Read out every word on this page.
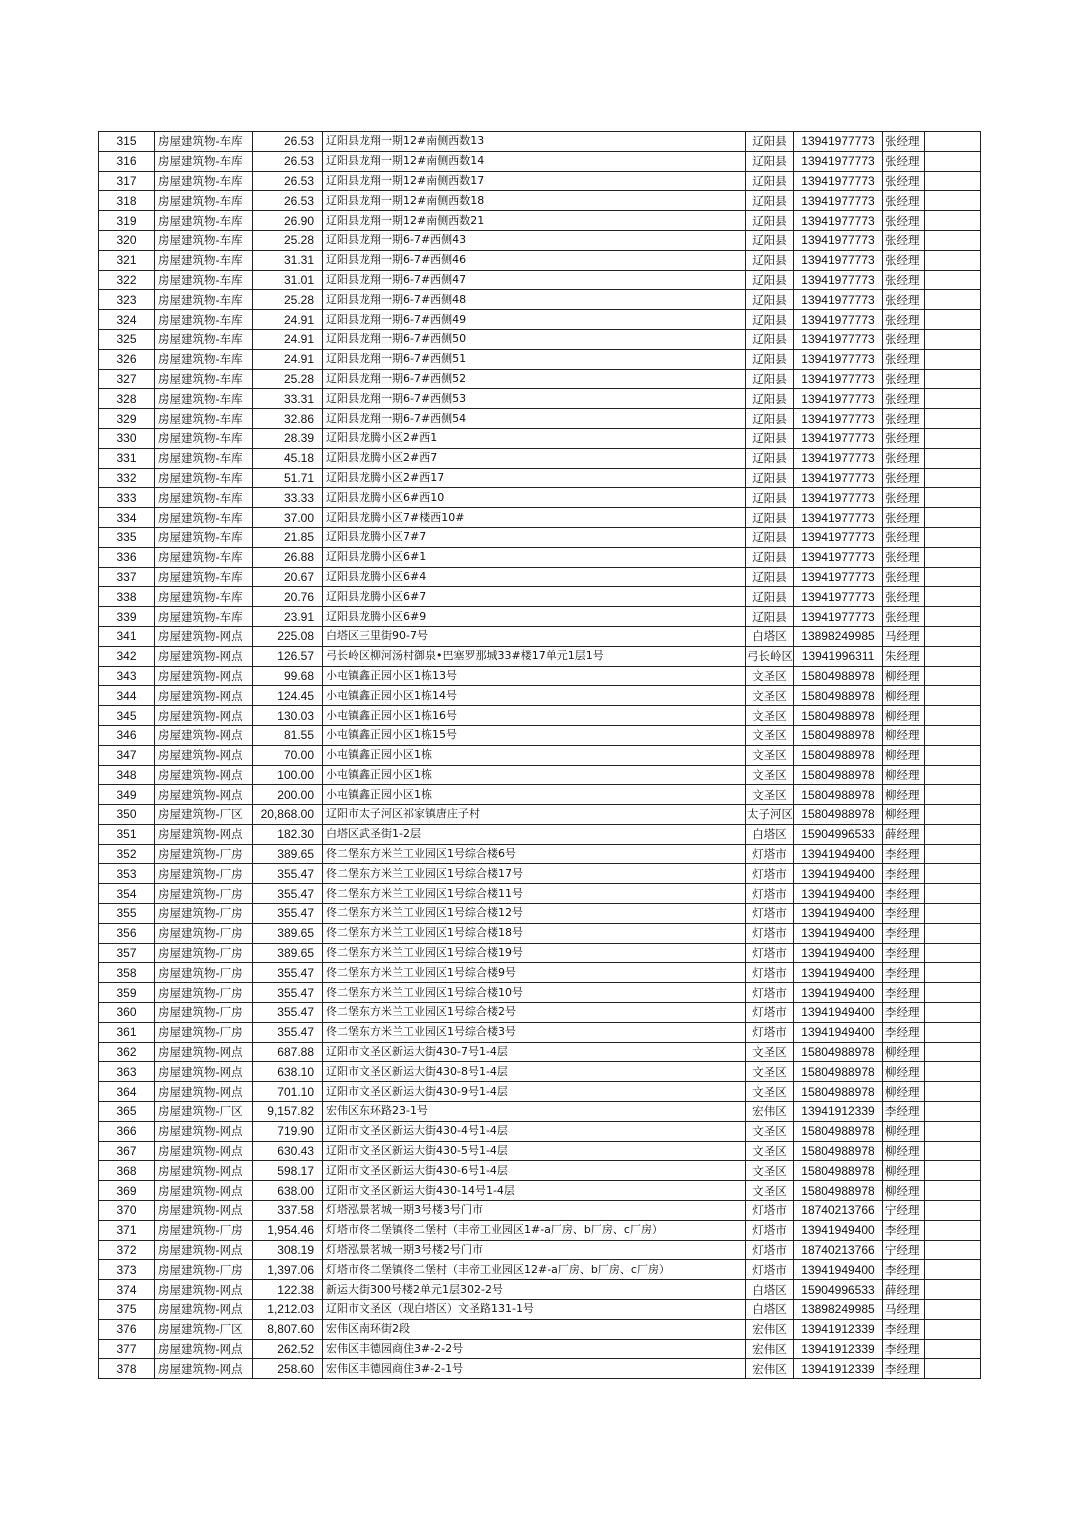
315	房屋建筑物-车库	26.53	辽阳县龙翔一期12#南侧西数13	辽阳县	13941977773	张经理	
316	房屋建筑物-车库	26.53	辽阳县龙翔一期12#南侧西数14	辽阳县	13941977773	张经理	
317	房屋建筑物-车库	26.53	辽阳县龙翔一期12#南侧西数17	辽阳县	13941977773	张经理	
318	房屋建筑物-车库	26.53	辽阳县龙翔一期12#南侧西数18	辽阳县	13941977773	张经理	
319	房屋建筑物-车库	26.90	辽阳县龙翔一期12#南侧西数21	辽阳县	13941977773	张经理	
320	房屋建筑物-车库	25.28	辽阳县龙翔一期6-7#西侧43	辽阳县	13941977773	张经理	
321	房屋建筑物-车库	31.31	辽阳县龙翔一期6-7#西侧46	辽阳县	13941977773	张经理	
322	房屋建筑物-车库	31.01	辽阳县龙翔一期6-7#西侧47	辽阳县	13941977773	张经理	
323	房屋建筑物-车库	25.28	辽阳县龙翔一期6-7#西侧48	辽阳县	13941977773	张经理	
324	房屋建筑物-车库	24.91	辽阳县龙翔一期6-7#西侧49	辽阳县	13941977773	张经理	
325	房屋建筑物-车库	24.91	辽阳县龙翔一期6-7#西侧50	辽阳县	13941977773	张经理	
326	房屋建筑物-车库	24.91	辽阳县龙翔一期6-7#西侧51	辽阳县	13941977773	张经理	
327	房屋建筑物-车库	25.28	辽阳县龙翔一期6-7#西侧52	辽阳县	13941977773	张经理	
328	房屋建筑物-车库	33.31	辽阳县龙翔一期6-7#西侧53	辽阳县	13941977773	张经理	
329	房屋建筑物-车库	32.86	辽阳县龙翔一期6-7#西侧54	辽阳县	13941977773	张经理	
330	房屋建筑物-车库	28.39	辽阳县龙腾小区2#西1	辽阳县	13941977773	张经理	
331	房屋建筑物-车库	45.18	辽阳县龙腾小区2#西7	辽阳县	13941977773	张经理	
332	房屋建筑物-车库	51.71	辽阳县龙腾小区2#西17	辽阳县	13941977773	张经理	
333	房屋建筑物-车库	33.33	辽阳县龙腾小区6#西10	辽阳县	13941977773	张经理	
334	房屋建筑物-车库	37.00	辽阳县龙腾小区7#楼西10#	辽阳县	13941977773	张经理	
335	房屋建筑物-车库	21.85	辽阳县龙腾小区7#7	辽阳县	13941977773	张经理	
336	房屋建筑物-车库	26.88	辽阳县龙腾小区6#1	辽阳县	13941977773	张经理	
337	房屋建筑物-车库	20.67	辽阳县龙腾小区6#4	辽阳县	13941977773	张经理	
338	房屋建筑物-车库	20.76	辽阳县龙腾小区6#7	辽阳县	13941977773	张经理	
339	房屋建筑物-车库	23.91	辽阳县龙腾小区6#9	辽阳县	13941977773	张经理	
341	房屋建筑物-网点	225.08	白塔区三里街90-7号	白塔区	13898249985	马经理	
342	房屋建筑物-网点	126.57	弓长岭区柳河汤村御泉•巴塞罗那城33#楼17单元1层1号	弓长岭区	13941996311	朱经理	
343	房屋建筑物-网点	99.68	小屯镇鑫正园小区1栋13号	文圣区	15804988978	柳经理	
344	房屋建筑物-网点	124.45	小屯镇鑫正园小区1栋14号	文圣区	15804988978	柳经理	
345	房屋建筑物-网点	130.03	小屯镇鑫正园小区1栋16号	文圣区	15804988978	柳经理	
346	房屋建筑物-网点	81.55	小屯镇鑫正园小区1栋15号	文圣区	15804988978	柳经理	
347	房屋建筑物-网点	70.00	小屯镇鑫正园小区1栋	文圣区	15804988978	柳经理	
348	房屋建筑物-网点	100.00	小屯镇鑫正园小区1栋	文圣区	15804988978	柳经理	
349	房屋建筑物-网点	200.00	小屯镇鑫正园小区1栋	文圣区	15804988978	柳经理	
350	房屋建筑物-厂区	20,868.00	辽阳市太子河区祁家镇唐庄子村	太子河区	15804988978	柳经理	
351	房屋建筑物-网点	182.30	白塔区武圣街1-2层	白塔区	15904996533	薛经理	
352	房屋建筑物-厂房	389.65	佟二堡东方米兰工业园区1号综合楼6号	灯塔市	13941949400	李经理	
353	房屋建筑物-厂房	355.47	佟二堡东方米兰工业园区1号综合楼17号	灯塔市	13941949400	李经理	
354	房屋建筑物-厂房	355.47	佟二堡东方米兰工业园区1号综合楼11号	灯塔市	13941949400	李经理	
355	房屋建筑物-厂房	355.47	佟二堡东方米兰工业园区1号综合楼12号	灯塔市	13941949400	李经理	
356	房屋建筑物-厂房	389.65	佟二堡东方米兰工业园区1号综合楼18号	灯塔市	13941949400	李经理	
357	房屋建筑物-厂房	389.65	佟二堡东方米兰工业园区1号综合楼19号	灯塔市	13941949400	李经理	
358	房屋建筑物-厂房	355.47	佟二堡东方米兰工业园区1号综合楼9号	灯塔市	13941949400	李经理	
359	房屋建筑物-厂房	355.47	佟二堡东方米兰工业园区1号综合楼10号	灯塔市	13941949400	李经理	
360	房屋建筑物-厂房	355.47	佟二堡东方米兰工业园区1号综合楼2号	灯塔市	13941949400	李经理	
361	房屋建筑物-厂房	355.47	佟二堡东方米兰工业园区1号综合楼3号	灯塔市	13941949400	李经理	
362	房屋建筑物-网点	687.88	辽阳市文圣区新运大街430-7号1-4层	文圣区	15804988978	柳经理	
363	房屋建筑物-网点	638.10	辽阳市文圣区新运大街430-8号1-4层	文圣区	15804988978	柳经理	
364	房屋建筑物-网点	701.10	辽阳市文圣区新运大街430-9号1-4层	文圣区	15804988978	柳经理	
365	房屋建筑物-厂区	9,157.82	宏伟区东环路23-1号	宏伟区	13941912339	李经理	
366	房屋建筑物-网点	719.90	辽阳市文圣区新运大街430-4号1-4层	文圣区	15804988978	柳经理	
367	房屋建筑物-网点	630.43	辽阳市文圣区新运大街430-5号1-4层	文圣区	15804988978	柳经理	
368	房屋建筑物-网点	598.17	辽阳市文圣区新运大街430-6号1-4层	文圣区	15804988978	柳经理	
369	房屋建筑物-网点	638.00	辽阳市文圣区新运大街430-14号1-4层	文圣区	15804988978	柳经理	
370	房屋建筑物-网点	337.58	灯塔泓景茗城一期3号楼3号门市	灯塔市	18740213766	宁经理	
371	房屋建筑物-厂房	1,954.46	灯塔市佟二堡镇佟二堡村（丰帝工业园区1#-a厂房、b厂房、c厂房）	灯塔市	13941949400	李经理	
372	房屋建筑物-网点	308.19	灯塔泓景茗城一期3号楼2号门市	灯塔市	18740213766	宁经理	
373	房屋建筑物-厂房	1,397.06	灯塔市佟二堡镇佟二堡村（丰帝工业园区12#-a厂房、b厂房、c厂房）	灯塔市	13941949400	李经理	
374	房屋建筑物-网点	122.38	新运大街300号楼2单元1层302-2号	白塔区	15904996533	薛经理	
375	房屋建筑物-网点	1,212.03	辽阳市文圣区（现白塔区）文圣路131-1号	白塔区	13898249985	马经理	
376	房屋建筑物-厂区	8,807.60	宏伟区南环街2段	宏伟区	13941912339	李经理	
377	房屋建筑物-网点	262.52	宏伟区丰德园商住3#-2-2号	宏伟区	13941912339	李经理	
378	房屋建筑物-网点	258.60	宏伟区丰德园商住3#-2-1号	宏伟区	13941912339	李经理	
